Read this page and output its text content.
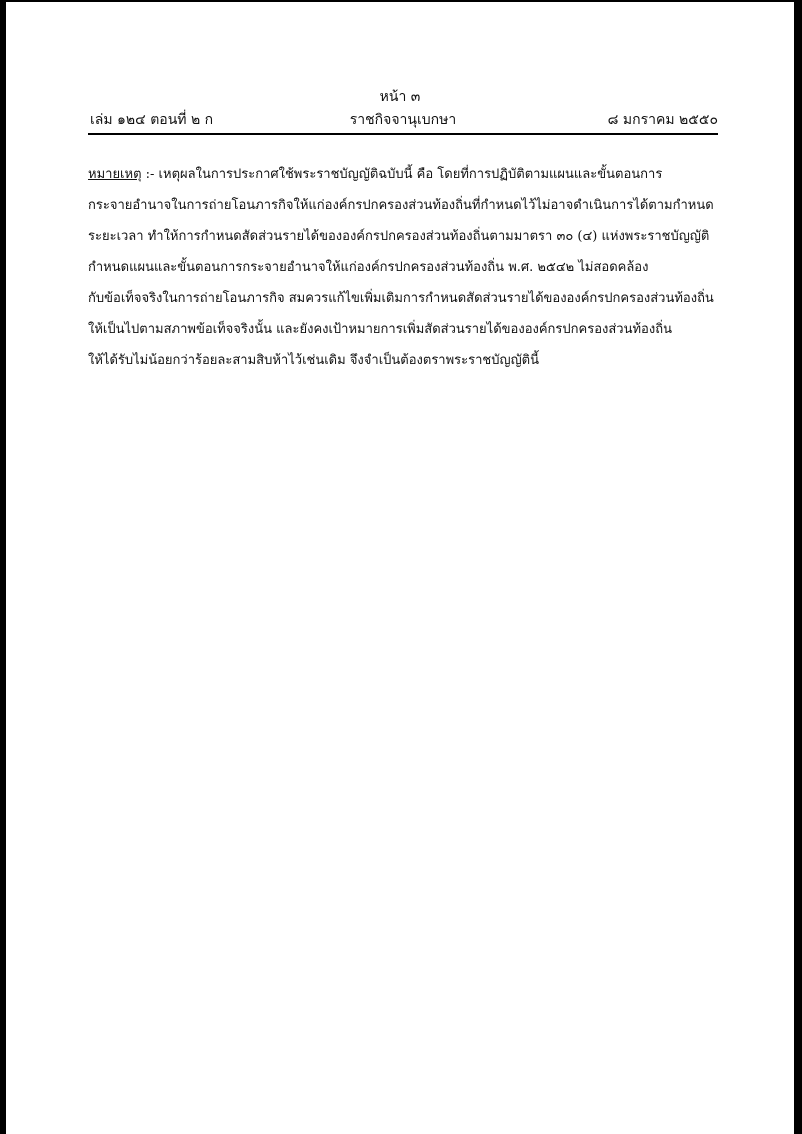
หน้า ๓
เล่ม ๑๒๔ ตอนที่ ๒ ก	ราชกิจจานุเบกษา	๘ มกราคม ๒๕๕๐
หมายเหตุ :- เหตุผลในการประกาศใช้พระราชบัญญัติฉบับนี้ คือ โดยที่การปฏิบัติตามแผนและขั้นตอนการ
กระจายอำนาจในการถ่ายโอนภารกิจให้แก่องค์กรปกครองส่วนท้องถิ่นที่กำหนดไว้ไม่อาจดำเนินการได้ตามกำหนด
ระยะเวลา ทำให้การกำหนดสัดส่วนรายได้ขององค์กรปกครองส่วนท้องถิ่นตามมาตรา ๓๐ (๔) แห่งพระราชบัญญัติ
กำหนดแผนและขั้นตอนการกระจายอำนาจให้แก่องค์กรปกครองส่วนท้องถิ่น พ.ศ. ๒๕๔๒ ไม่สอดคล้อง
กับข้อเท็จจริงในการถ่ายโอนภารกิจ สมควรแก้ไขเพิ่มเติมการกำหนดสัดส่วนรายได้ขององค์กรปกครองส่วนท้องถิ่น
ให้เป็นไปตามสภาพข้อเท็จจริงนั้น และยังคงเป้าหมายการเพิ่มสัดส่วนรายได้ขององค์กรปกครองส่วนท้องถิ่น
ให้ได้รับไม่น้อยกว่าร้อยละสามสิบห้าไว้เช่นเดิม จึงจำเป็นต้องตราพระราชบัญญัตินี้
